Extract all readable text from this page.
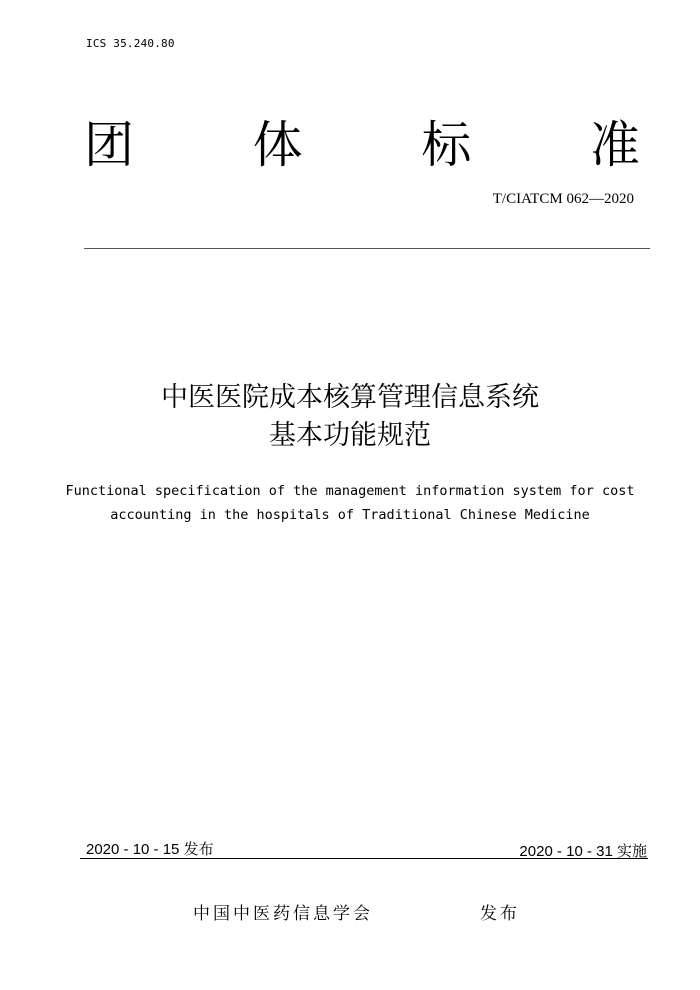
ICS 35.240.80
团 体 标 准
T/CIATCM 062—2020
中医医院成本核算管理信息系统
基本功能规范
Functional specification of the management information system for cost
accounting in the hospitals of Traditional Chinese Medicine
2020 - 10 - 15 发布	2020 - 10 - 31 实施
中国中医药信息学会	发布
